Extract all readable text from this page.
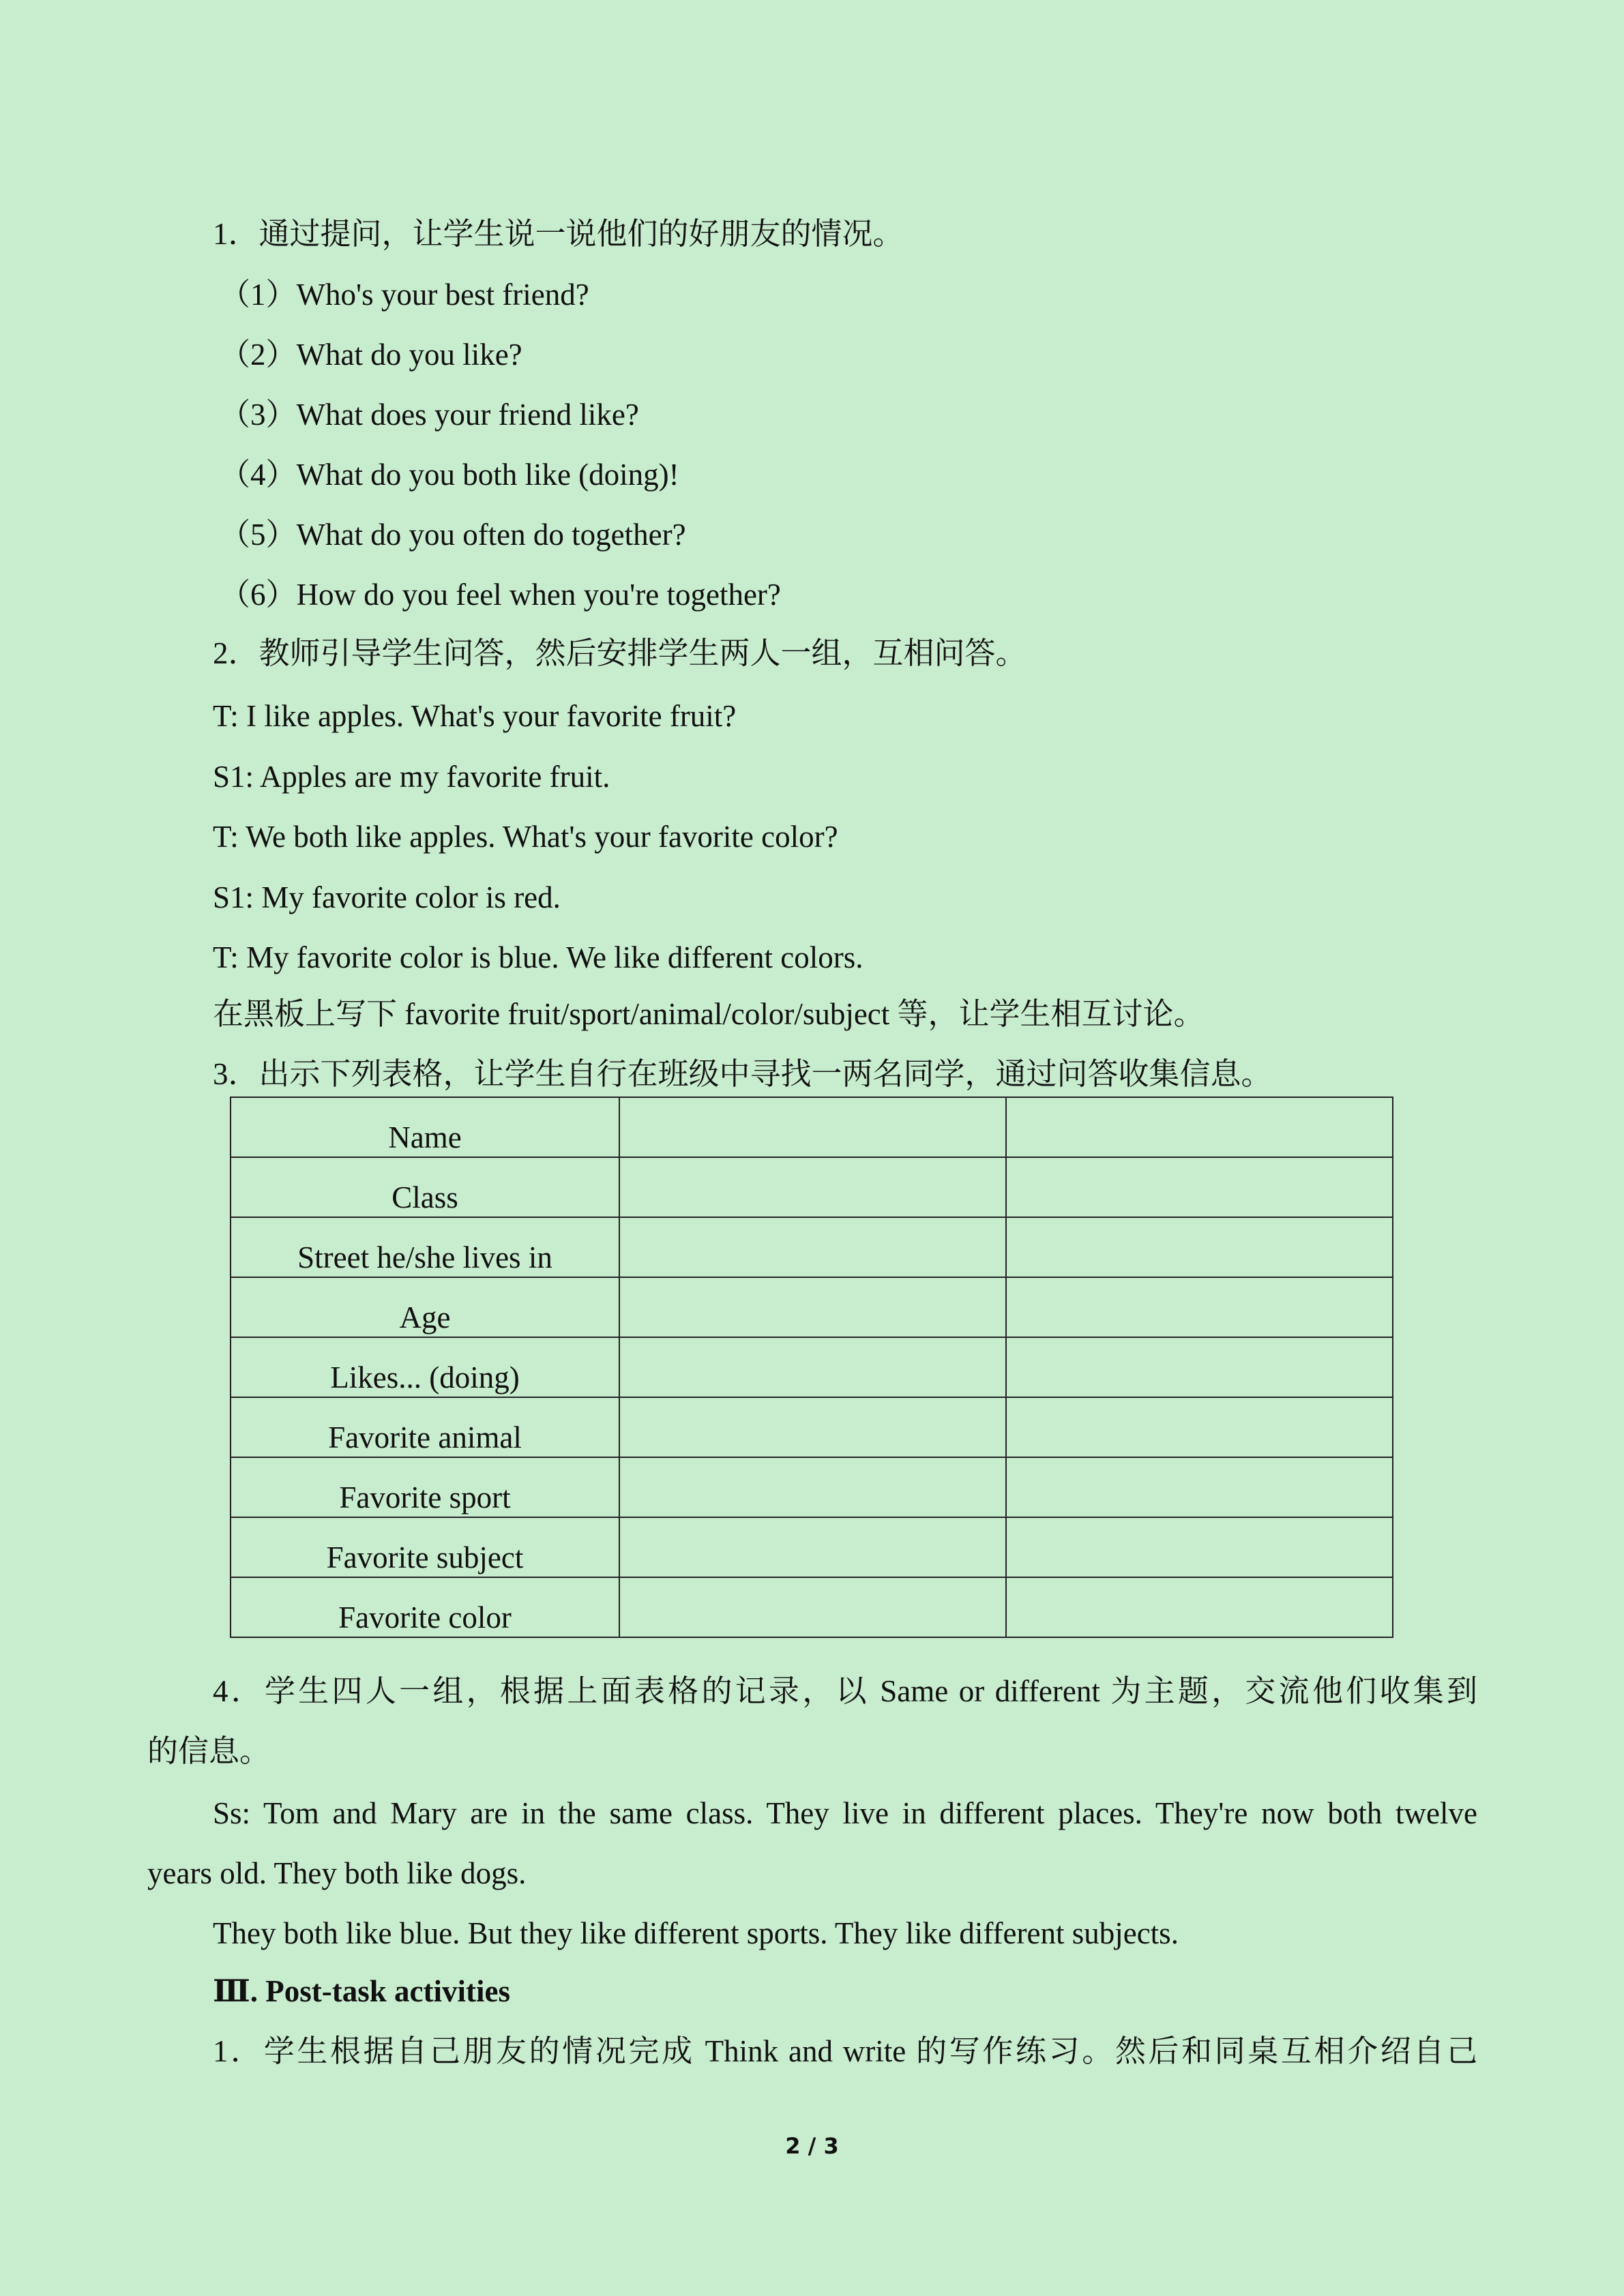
1．通过提问，让学生说一说他们的好朋友的情况。
（1）Who's your best friend?
（2）What do you like?
（3）What does your friend like?
（4）What do you both like (doing)!
（5）What do you often do together?
（6）How do you feel when you're together?
2．教师引导学生问答，然后安排学生两人一组，互相问答。
T: I like apples. What's your favorite fruit?
S1: Apples are my favorite fruit.
T: We both like apples. What's your favorite color?
S1: My favorite color is red.
T: My favorite color is blue. We like different colors.
在黑板上写下 favorite fruit/sport/animal/color/subject 等，让学生相互讨论。
3．出示下列表格，让学生自行在班级中寻找一两名同学，通过问答收集信息。
Name		
Class		
Street he/she lives in		
Age		
Likes... (doing)		
Favorite animal		
Favorite sport		
Favorite subject		
Favorite color		
4．学生四人一组，根据上面表格的记录，以 Same or different 为主题，交流他们收集到
的信息。
Ss: Tom and Mary are in the same class. They live in different places. They're now both twelve
years old. They both like dogs.
They both like blue. But they like different sports. They like different subjects.
Ⅲ. Post-task activities
1．学生根据自己朋友的情况完成 Think and write 的写作练习。然后和同桌互相介绍自己
2 / 3
